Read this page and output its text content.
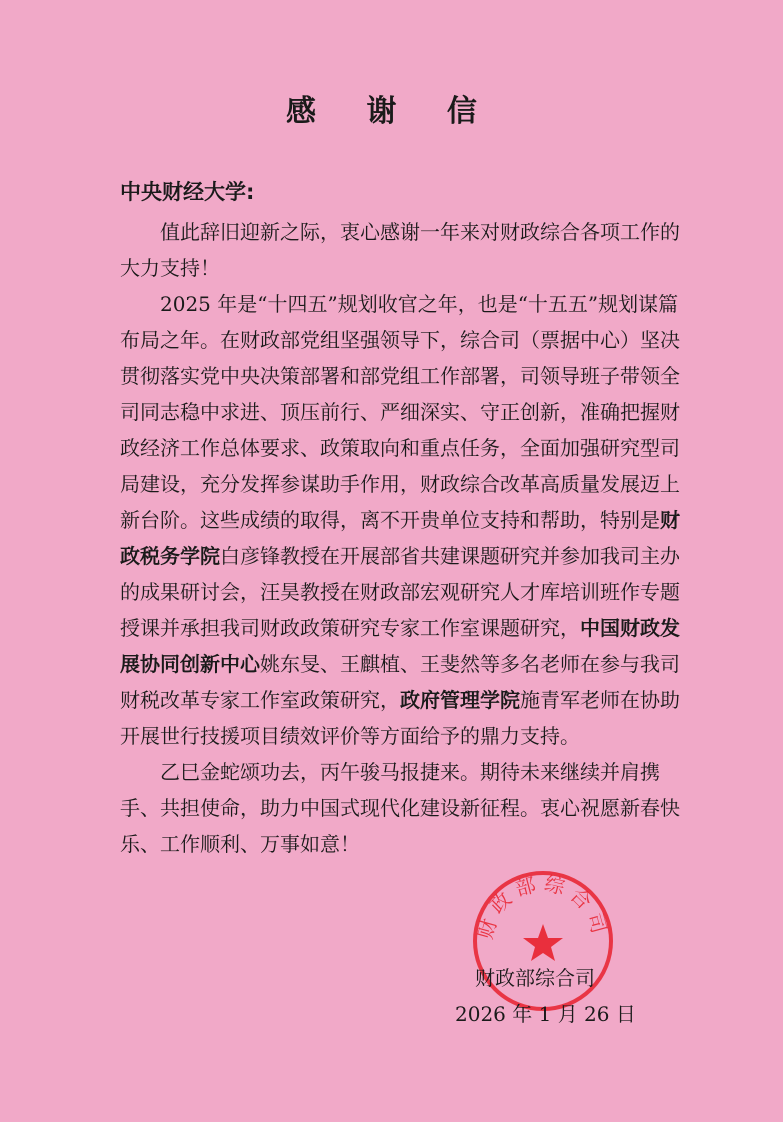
感 谢 信
中央财经大学:

值此辞旧迎新之际，衷心感谢一年来对财政综合各项工作的大力支持！

2025 年是“十四五”规划收官之年，也是“十五五”规划谋篇布局之年。在财政部党组坚强领导下，综合司（票据中心）坚决贯彻落实党中央决策部署和部党组工作部署，司领导班子带领全司同志稳中求进、顶压前行、严细深实、守正创新，准确把握财政经济工作总体要求、政策取向和重点任务，全面加强研究型司局建设，充分发挥参谋助手作用，财政综合改革高质量发展迈上新台阶。这些成绩的取得，离不开贵单位支持和帮助，特别是财政税务学院白彦锋教授在开展部省共建课题研究并参加我司主办的成果研讨会，汪昊教授在财政部宏观研究人才库培训班作专题授课并承担我司财政政策研究专家工作室课题研究，中国财政发展协同创新中心姚东旻、王麒植、王斐然等多名老师在参与我司财税改革专家工作室政策研究，政府管理学院施青军老师在协助开展世行技援项目绩效评价等方面给予的鼎力支持。

乙巳金蛇颂功去，丙午骏马报捷来。期待未来继续并肩携手、共担使命，助力中国式现代化建设新征程。衷心祝愿新春快乐、工作顺利、万事如意！

财政部综合司
财政部综合司
2026 年 1 月 26 日
